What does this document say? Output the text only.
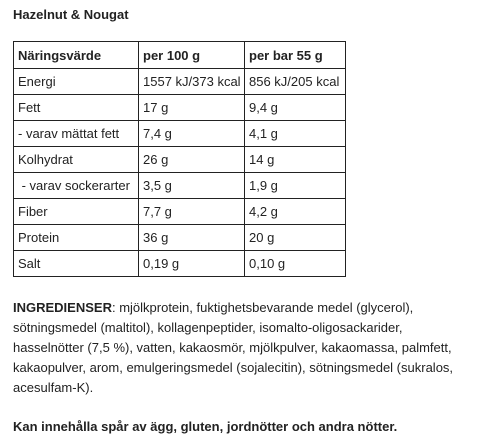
Hazelnut & Nougat
Näringsvärde	per 100 g	per bar 55 g
Energi	1557 kJ/373 kcal	856 kJ/205 kcal
Fett	17 g	9,4 g
- varav mättat fett	7,4 g	4,1 g
Kolhydrat	26 g	14 g
- varav sockerarter	3,5 g	1,9 g
Fiber	7,7 g	4,2 g
Protein	36 g	20 g
Salt	0,19 g	0,10 g

INGREDIENSER: mjölkprotein, fuktighetsbevarande medel (glycerol), sötningsmedel (maltitol), kollagenpeptider, isomalto-oligosackarider, hasselnötter (7,5 %), vatten, kakaosmör, mjölkpulver, kakaomassa, palmfett, kakaopulver, arom, emulgeringsmedel (sojalecitin), sötningsmedel (sukralos, acesulfam-K).

Kan innehålla spår av ägg, gluten, jordnötter och andra nötter.
